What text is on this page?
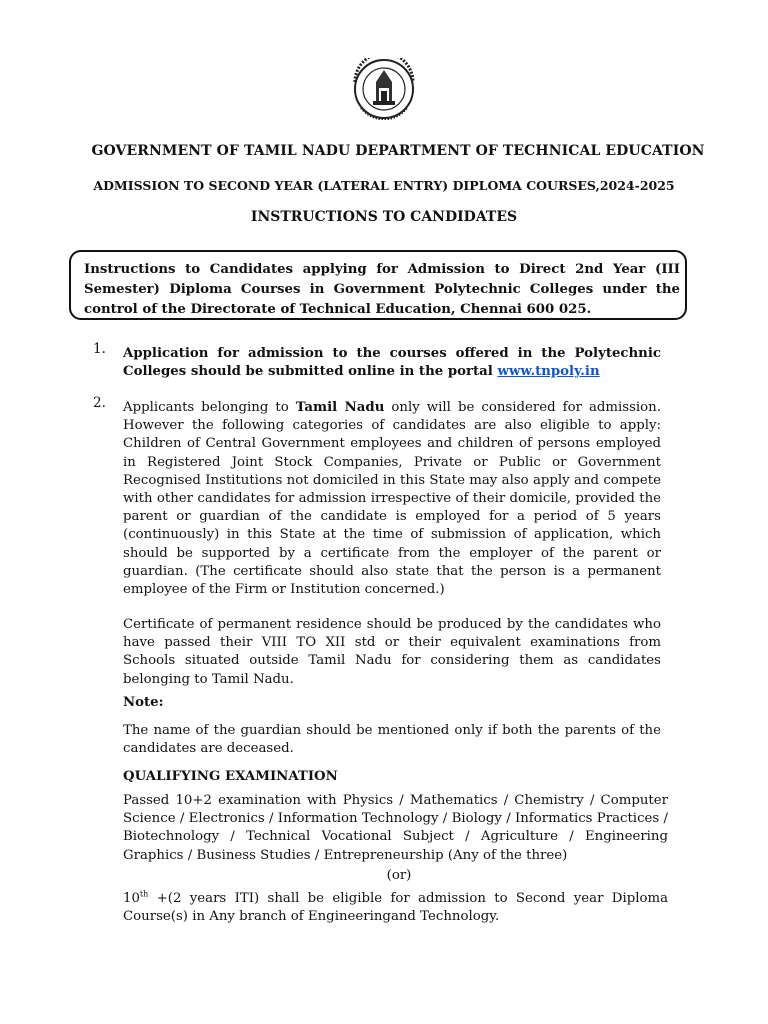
GOVERNMENT OF TAMIL NADU DEPARTMENT OF TECHNICAL EDUCATION
ADMISSION TO SECOND YEAR (LATERAL ENTRY) DIPLOMA COURSES,2024-2025
INSTRUCTIONS TO CANDIDATES

Instructions to Candidates applying for Admission to Direct 2nd Year (III Semester) Diploma Courses in Government Polytechnic Colleges under the control of the Directorate of Technical Education, Chennai 600 025.

1. Application for admission to the courses offered in the Polytechnic Colleges should be submitted online in the portal www.tnpoly.in

2. Applicants belonging to Tamil Nadu only will be considered for admission. However the following categories of candidates are also eligible to apply: Children of Central Government employees and children of persons employed in Registered Joint Stock Companies, Private or Public or Government Recognised Institutions not domiciled in this State may also apply and compete with other candidates for admission irrespective of their domicile, provided the parent or guardian of the candidate is employed for a period of 5 years (continuously) in this State at the time of submission of application, which should be supported by a certificate from the employer of the parent or guardian. (The certificate should also state that the person is a permanent employee of the Firm or Institution concerned.)

Certificate of permanent residence should be produced by the candidates who have passed their VIII TO XII std or their equivalent examinations from Schools situated outside Tamil Nadu for considering them as candidates belonging to Tamil Nadu.

Note:

The name of the guardian should be mentioned only if both the parents of the candidates are deceased.

QUALIFYING EXAMINATION

Passed 10+2 examination with Physics / Mathematics / Chemistry / Computer Science / Electronics / Information Technology / Biology / Informatics Practices / Biotechnology / Technical Vocational Subject / Agriculture / Engineering Graphics / Business Studies / Entrepreneurship (Any of the three)

(or)

10th +(2 years ITI) shall be eligible for admission to Second year Diploma Course(s) in Any branch of Engineeringand Technology.
